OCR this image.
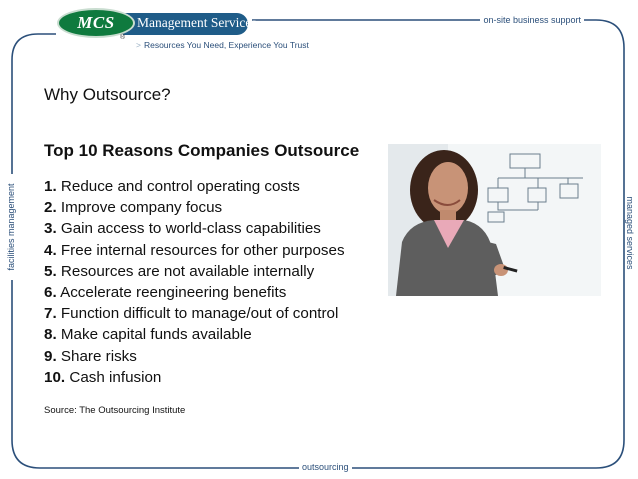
Management Services
MCS
®
> Resources You Need, Experience You Trust
on-site business support
outsourcing
facilities management	managed services
Why Outsource?
Top 10 Reasons Companies Outsource
1. Reduce and control operating costs
2. Improve company focus
3. Gain access to world-class capabilities
4. Free internal resources for other purposes
5. Resources are not available internally
6. Accelerate reengineering benefits
7. Function difficult to manage/out of control
8. Make capital funds available
9. Share risks
10. Cash infusion
Source: The Outsourcing Institute
